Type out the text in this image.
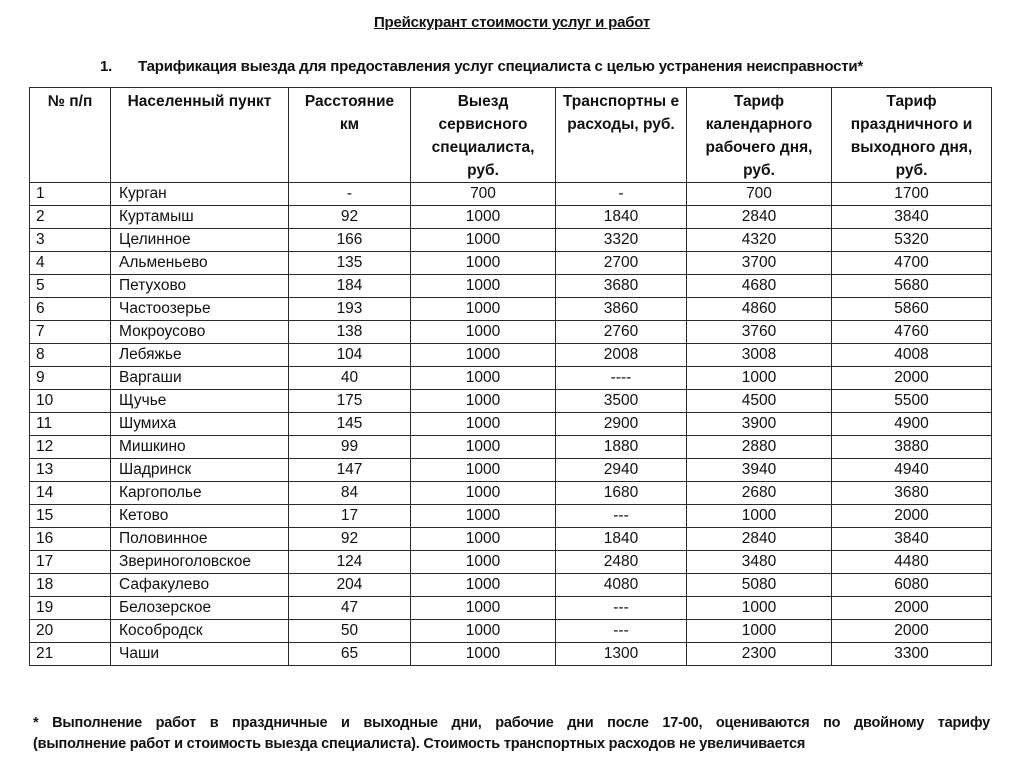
Прейскурант стоимости услуг и работ
1. Тарификация выезда для предоставления услуг специалиста с целью устранения неисправности*
№ п/п	Населенный пункт	Расстояние км	Выезд сервисного специалиста, руб.	Транспортны е расходы, руб.	Тариф календарного рабочего дня, руб.	Тариф праздничного и выходного дня, руб.
1	Курган	-	700	-	700	1700
2	Куртамыш	92	1000	1840	2840	3840
3	Целинное	166	1000	3320	4320	5320
4	Альменьево	135	1000	2700	3700	4700
5	Петухово	184	1000	3680	4680	5680
6	Частоозерье	193	1000	3860	4860	5860
7	Мокроусово	138	1000	2760	3760	4760
8	Лебяжье	104	1000	2008	3008	4008
9	Варгаши	40	1000	----	1000	2000
10	Щучье	175	1000	3500	4500	5500
11	Шумиха	145	1000	2900	3900	4900
12	Мишкино	99	1000	1880	2880	3880
13	Шадринск	147	1000	2940	3940	4940
14	Каргополье	84	1000	1680	2680	3680
15	Кетово	17	1000	---	1000	2000
16	Половинное	92	1000	1840	2840	3840
17	Звериноголовское	124	1000	2480	3480	4480
18	Сафакулево	204	1000	4080	5080	6080
19	Белозерское	47	1000	---	1000	2000
20	Кособродск	50	1000	---	1000	2000
21	Чаши	65	1000	1300	2300	3300
* Выполнение работ в праздничные и выходные дни, рабочие дни после 17-00, оцениваются по двойному тарифу
(выполнение работ и стоимость выезда специалиста). Стоимость транспортных расходов не увеличивается
